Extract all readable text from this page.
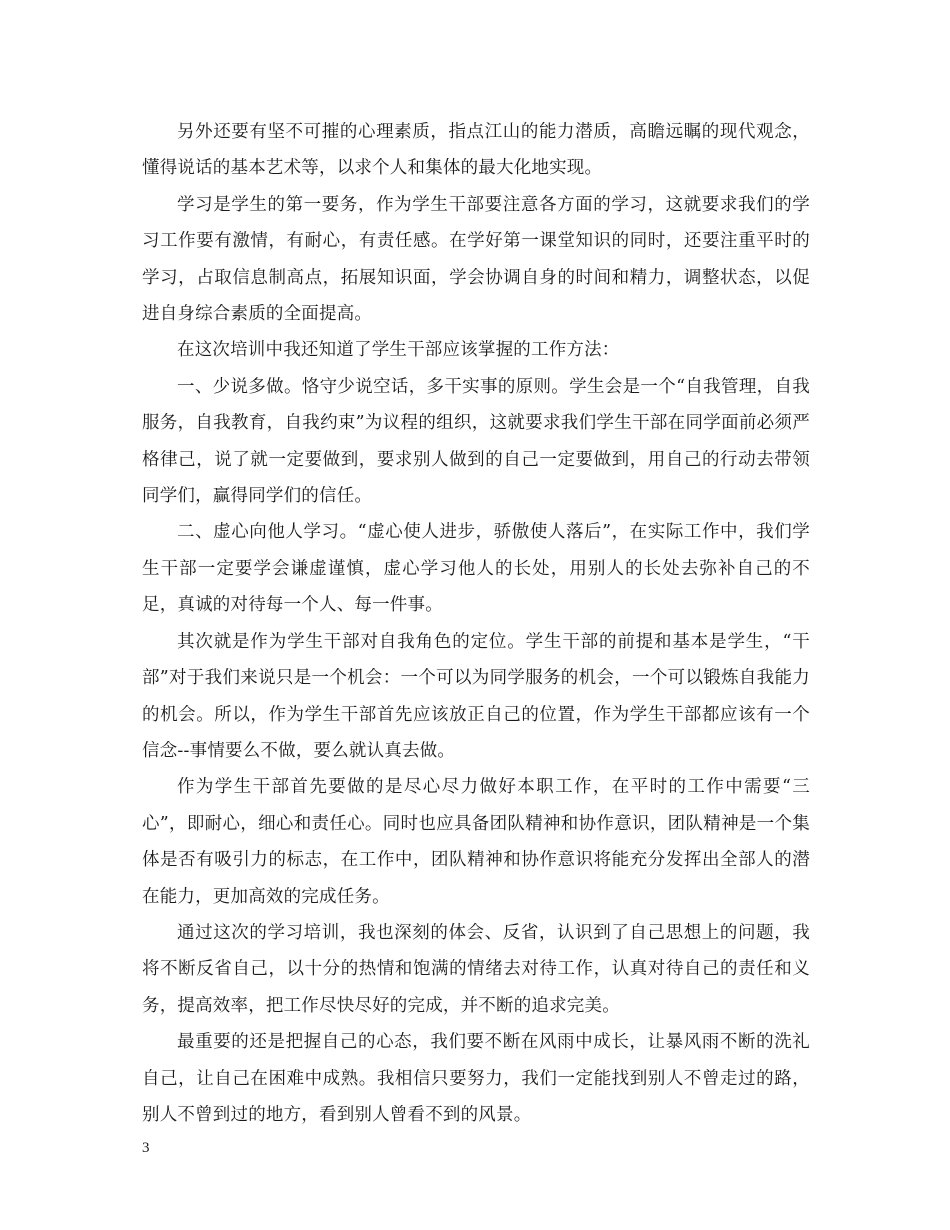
另外还要有坚不可摧的心理素质，指点江山的能力潜质，高瞻远瞩的现代观念，懂得说话的基本艺术等，以求个人和集体的最大化地实现。

学习是学生的第一要务，作为学生干部要注意各方面的学习，这就要求我们的学习工作要有激情，有耐心，有责任感。在学好第一课堂知识的同时，还要注重平时的学习，占取信息制高点，拓展知识面，学会协调自身的时间和精力，调整状态，以促进自身综合素质的全面提高。

在这次培训中我还知道了学生干部应该掌握的工作方法：

一、少说多做。恪守少说空话，多干实事的原则。学生会是一个“自我管理，自我服务，自我教育，自我约束”为议程的组织，这就要求我们学生干部在同学面前必须严格律己，说了就一定要做到，要求别人做到的自己一定要做到，用自己的行动去带领同学们，赢得同学们的信任。

二、虚心向他人学习。“虚心使人进步，骄傲使人落后”，在实际工作中，我们学生干部一定要学会谦虚谨慎，虚心学习他人的长处，用别人的长处去弥补自己的不足，真诚的对待每一个人、每一件事。

其次就是作为学生干部对自我角色的定位。学生干部的前提和基本是学生，“干部”对于我们来说只是一个机会：一个可以为同学服务的机会，一个可以锻炼自我能力的机会。所以，作为学生干部首先应该放正自己的位置，作为学生干部都应该有一个信念--事情要么不做，要么就认真去做。

作为学生干部首先要做的是尽心尽力做好本职工作，在平时的工作中需要“三心”，即耐心，细心和责任心。同时也应具备团队精神和协作意识，团队精神是一个集体是否有吸引力的标志，在工作中，团队精神和协作意识将能充分发挥出全部人的潜在能力，更加高效的完成任务。

通过这次的学习培训，我也深刻的体会、反省，认识到了自己思想上的问题，我将不断反省自己，以十分的热情和饱满的情绪去对待工作，认真对待自己的责任和义务，提高效率，把工作尽快尽好的完成，并不断的追求完美。

最重要的还是把握自己的心态，我们要不断在风雨中成长，让暴风雨不断的洗礼自己，让自己在困难中成熟。我相信只要努力，我们一定能找到别人不曾走过的路，别人不曾到过的地方，看到别人曾看不到的风景。

3
